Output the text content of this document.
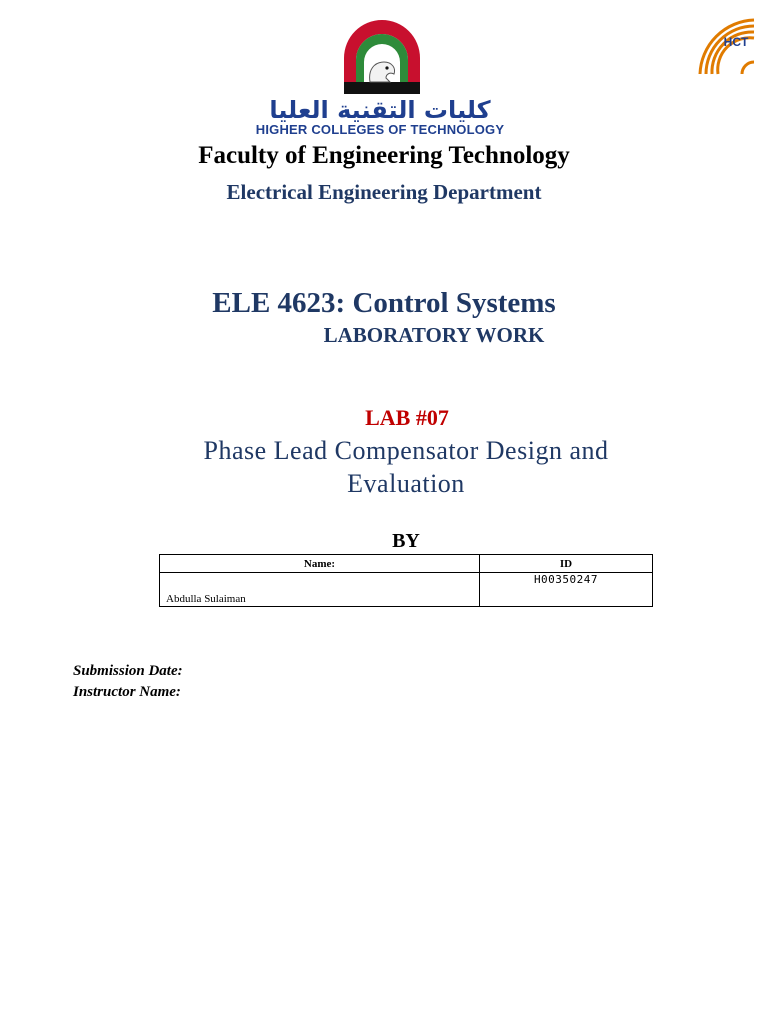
كليات التقنية العليا
HIGHER COLLEGES OF TECHNOLOGY
HCT
Faculty of Engineering Technology
Electrical Engineering Department
ELE 4623: Control Systems
LABORATORY WORK
LAB #07
Phase Lead Compensator Design and Evaluation
BY
Name:	ID
Abdulla Sulaiman	H00350247
Submission Date:
Instructor Name:
